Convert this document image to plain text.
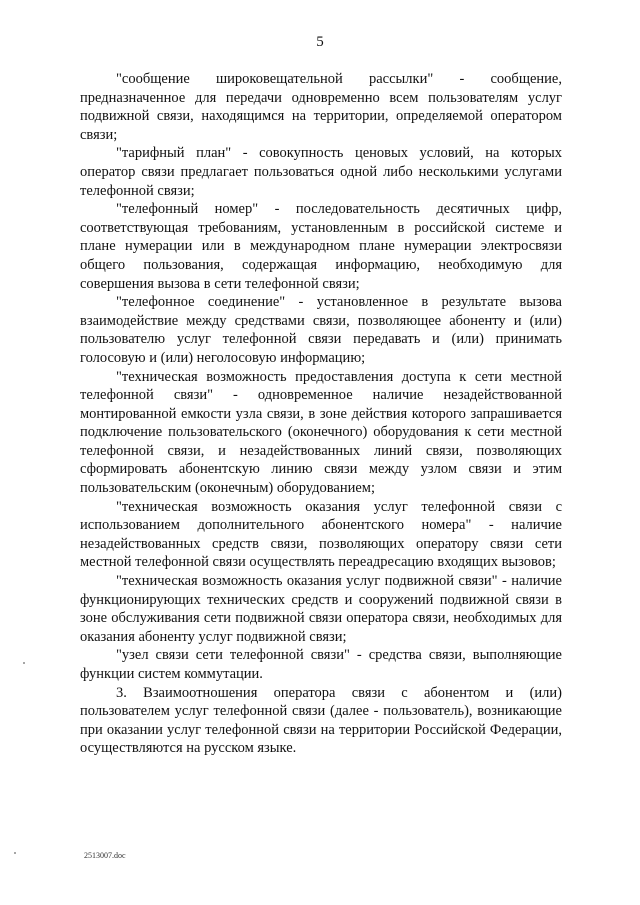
5

"сообщение широковещательной рассылки" - сообщение, предназначенное для передачи одновременно всем пользователям услуг подвижной связи, находящимся на территории, определяемой оператором связи;

"тарифный план" - совокупность ценовых условий, на которых оператор связи предлагает пользоваться одной либо несколькими услугами телефонной связи;

"телефонный номер" - последовательность десятичных цифр, соответствующая требованиям, установленным в российской системе и плане нумерации или в международном плане нумерации электросвязи общего пользования, содержащая информацию, необходимую для совершения вызова в сети телефонной связи;

"телефонное соединение" - установленное в результате вызова взаимодействие между средствами связи, позволяющее абоненту и (или) пользователю услуг телефонной связи передавать и (или) принимать голосовую и (или) неголосовую информацию;

"техническая возможность предоставления доступа к сети местной телефонной связи" - одновременное наличие незадействованной монтированной емкости узла связи, в зоне действия которого запрашивается подключение пользовательского (оконечного) оборудования к сети местной телефонной связи, и незадействованных линий связи, позволяющих сформировать абонентскую линию связи между узлом связи и этим пользовательским (оконечным) оборудованием;

"техническая возможность оказания услуг телефонной связи с использованием дополнительного абонентского номера" - наличие незадействованных средств связи, позволяющих оператору связи сети местной телефонной связи осуществлять переадресацию входящих вызовов;

"техническая возможность оказания услуг подвижной связи" - наличие функционирующих технических средств и сооружений подвижной связи в зоне обслуживания сети подвижной связи оператора связи, необходимых для оказания абоненту услуг подвижной связи;

"узел связи сети телефонной связи" - средства связи, выполняющие функции систем коммутации.

3. Взаимоотношения оператора связи с абонентом и (или) пользователем услуг телефонной связи (далее - пользователь), возникающие при оказании услуг телефонной связи на территории Российской Федерации, осуществляются на русском языке.

2513007.doc
